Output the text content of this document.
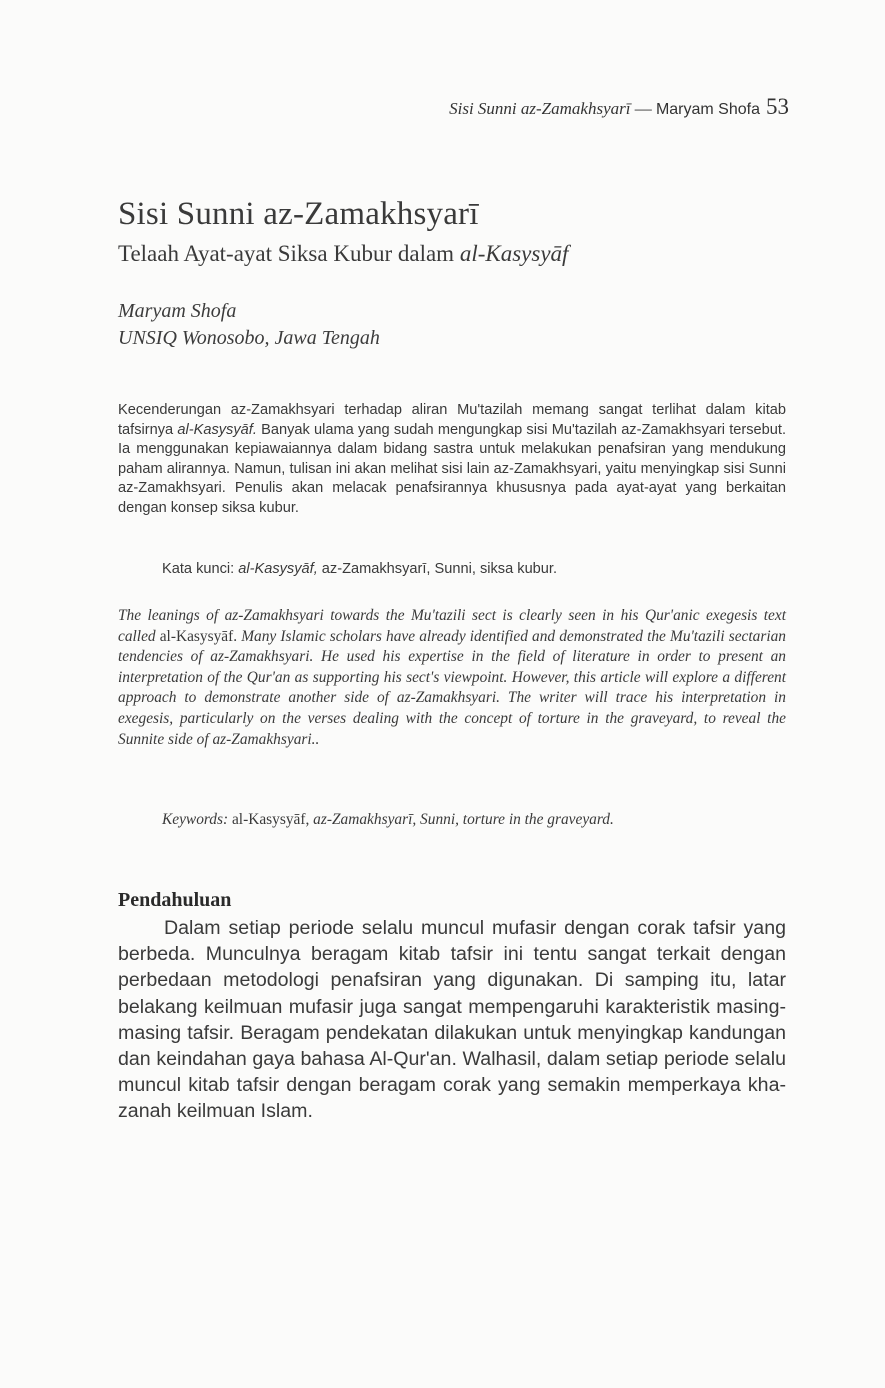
Sisi Sunni az-Zamakhsyarī — Maryam Shofa 53
Sisi Sunni az-Zamakhsyarī
Telaah Ayat-ayat Siksa Kubur dalam al-Kasysyāf
Maryam Shofa
UNSIQ Wonosobo, Jawa Tengah

Kecenderungan az-Zamakhsyari terhadap aliran Mu'tazilah memang sangat terlihat dalam kitab tafsirnya al-Kasysyāf. Banyak ulama yang sudah mengungkap sisi Mu'tazilah az-Zamakhsyari tersebut. Ia menggunakan kepiawaiannya dalam bidang sastra untuk melakukan penafsiran yang mendukung paham alirannya. Namun, tulisan ini akan melihat sisi lain az-Zamakhsyari, yaitu menyingkap sisi Sunni az-Zamakhsyari. Penulis akan melacak penafsirannya khususnya pada ayat-ayat yang berkaitan dengan konsep siksa kubur.

Kata kunci: al-Kasysyāf, az-Zamakhsyarī, Sunni, siksa kubur.

The leanings of az-Zamakhsyari towards the Mu'tazili sect is clearly seen in his Qur'anic exegesis text called al-Kasysyāf. Many Islamic scholars have already identified and demonstrated the Mu'tazili sectarian tendencies of az-Zamakhsyari. He used his expertise in the field of literature in order to present an interpretation of the Qur'an as supporting his sect's viewpoint. However, this article will explore a different approach to demonstrate another side of az-Zamakhsyari. The writer will trace his interpretation in exegesis, particularly on the verses dealing with the concept of torture in the graveyard, to reveal the Sunnite side of az-Zamakhsyari..

Keywords: al-Kasysyāf, az-Zamakhsyarī, Sunni, torture in the graveyard.
Pendahuluan

Dalam setiap periode selalu muncul mufasir dengan corak tafsir yang berbeda. Munculnya beragam kitab tafsir ini tentu sangat terkait dengan perbedaan metodologi penafsiran yang digunakan. Di samping itu, latar belakang keilmuan mufasir juga sangat mempengaruhi karakteristik masing-masing tafsir. Beragam pendekatan dilakukan untuk menyingkap kandungan dan keindahan gaya bahasa Al-Qur'an. Walhasil, dalam setiap periode selalu muncul kitab tafsir dengan beragam corak yang semakin memperkaya khazanah keilmuan Islam.
